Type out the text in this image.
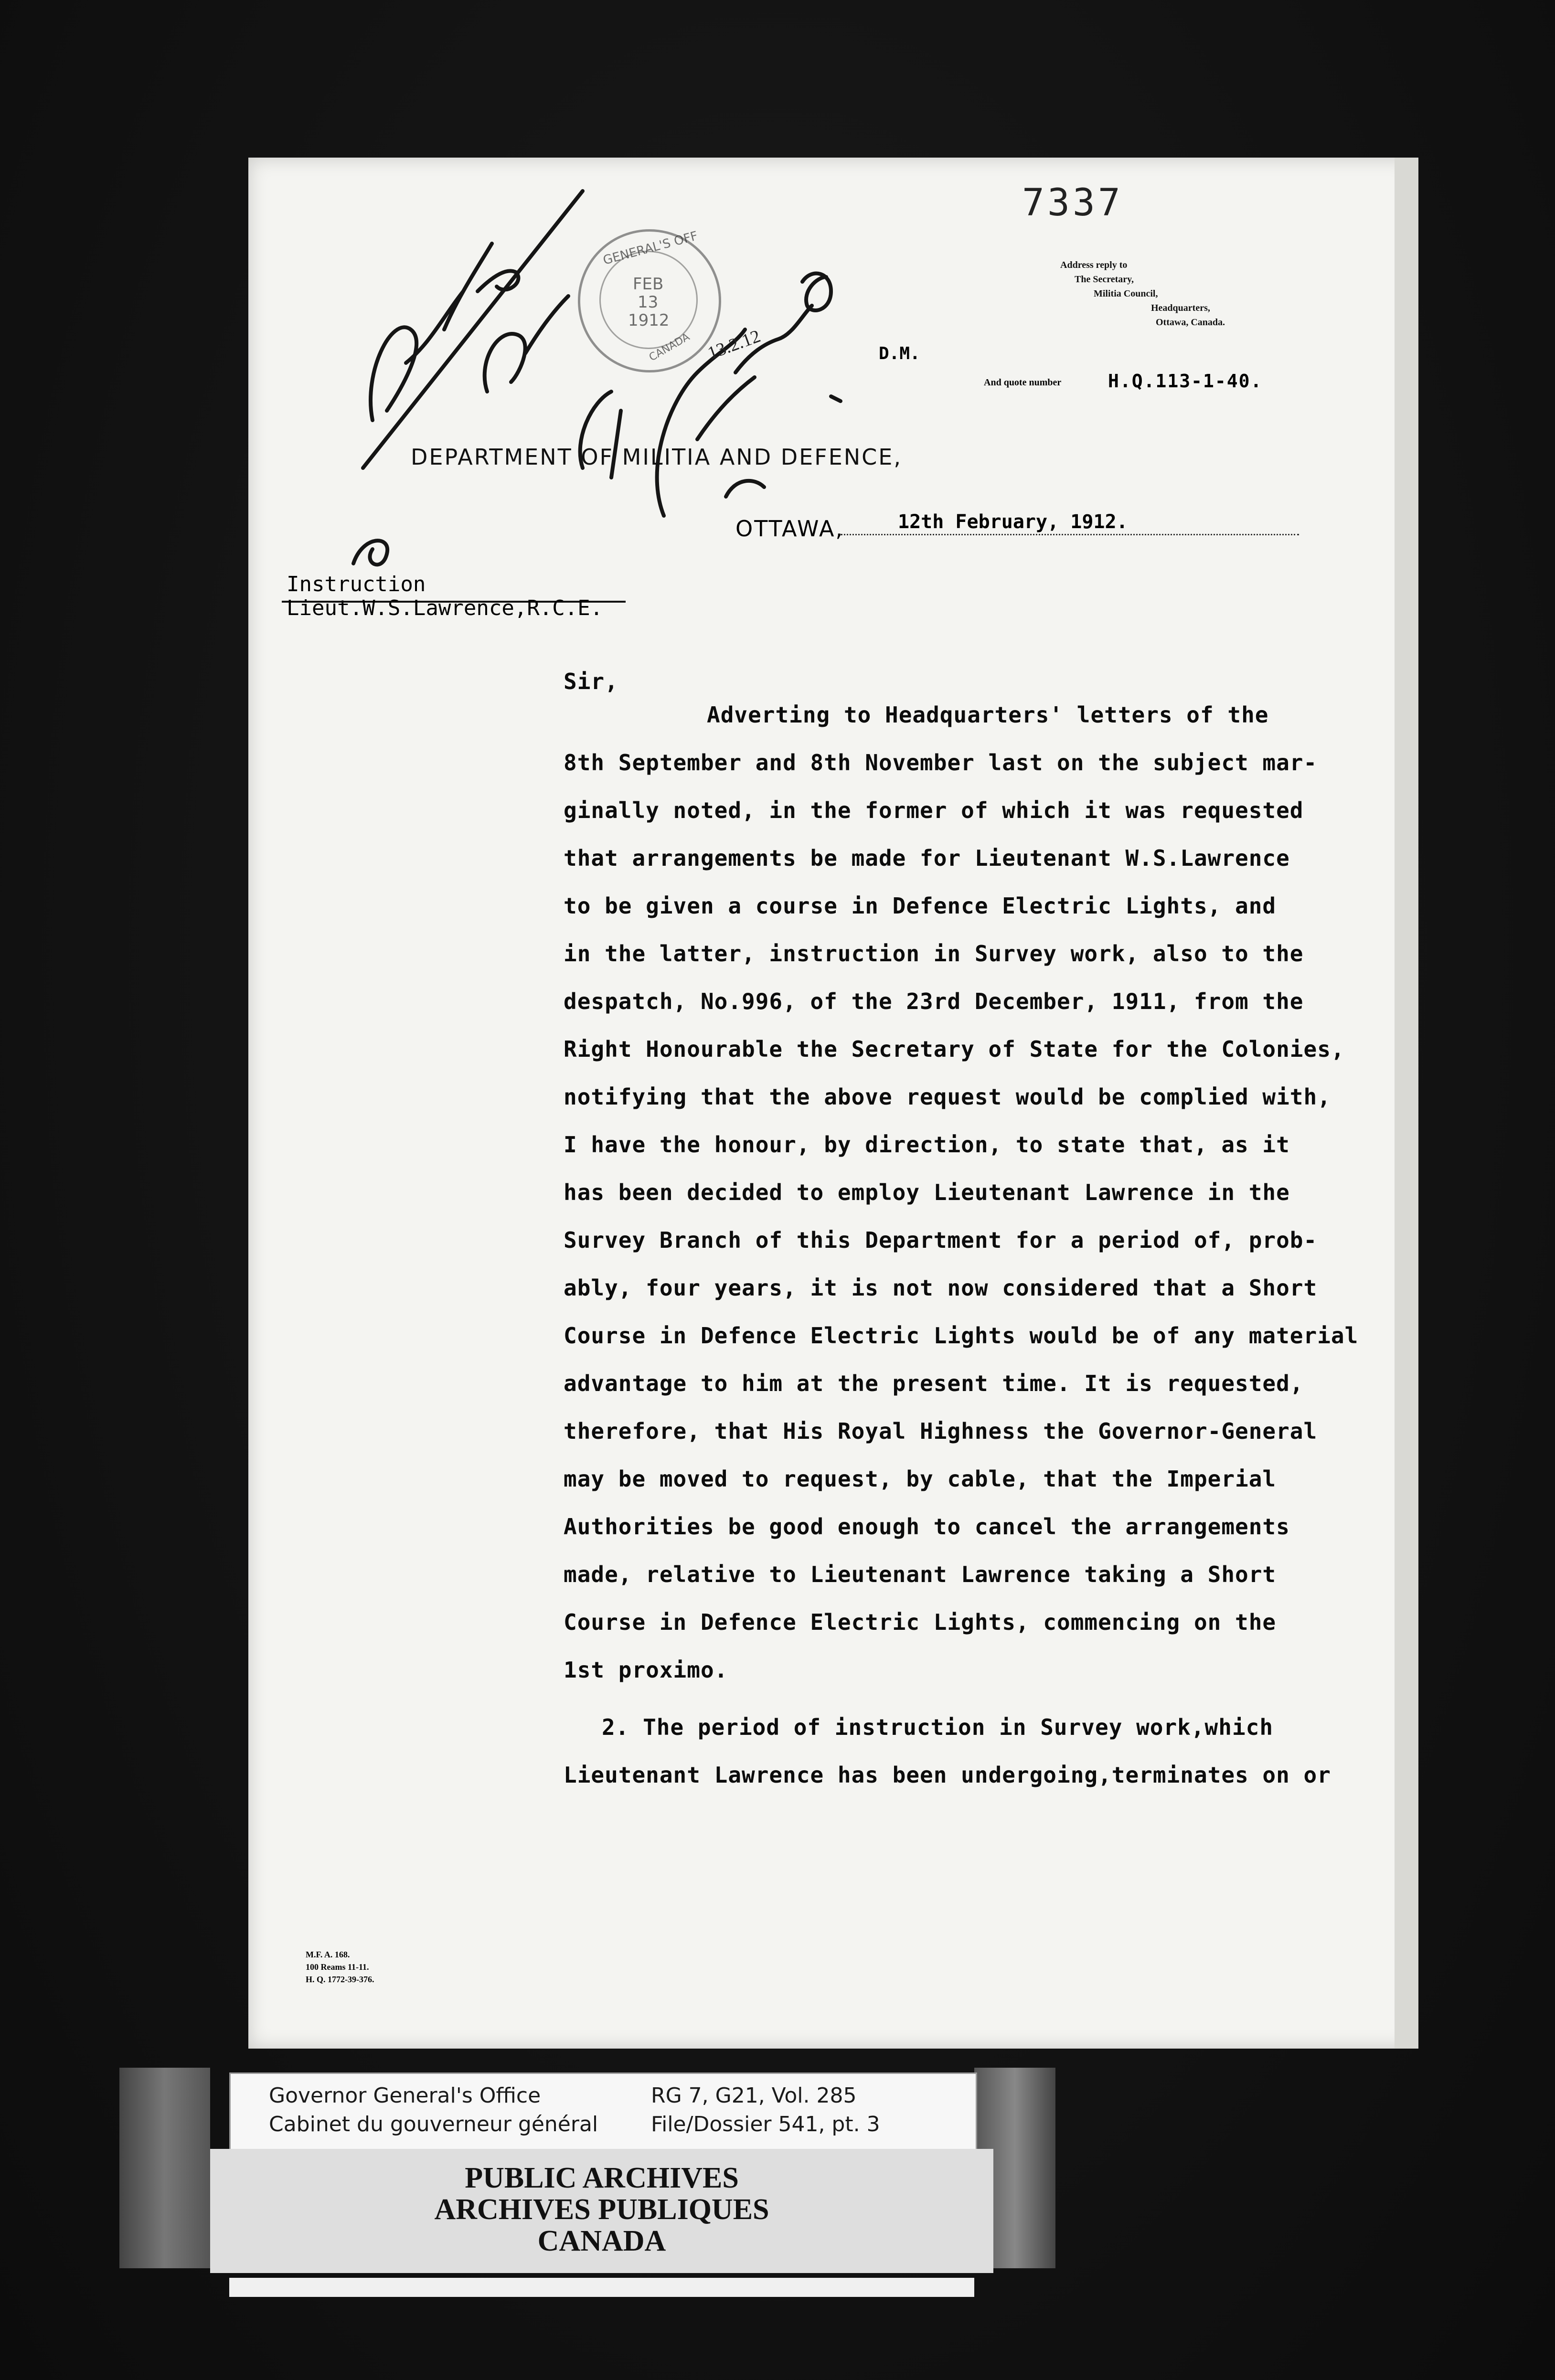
7337
Address reply to
The Secretary,
Militia Council,
Headquarters,
Ottawa, Canada.
D.M.
And quote number	H.Q.113-1-40.
GENERAL'S OFF
FEB
13
1912
CANADA 13.2.12
DEPARTMENT OF MILITIA AND DEFENCE,
OTTAWA,	12th February, 1912.
Instruction
Lieut.W.S.Lawrence,R.C.E.
Sir,
Adverting to Headquarters' letters of the
8th September and 8th November last on the subject mar-
ginally noted, in the former of which it was requested
that arrangements be made for Lieutenant W.S.Lawrence
to be given a course in Defence Electric Lights, and
in the latter, instruction in Survey work, also to the
despatch, No.996, of the 23rd December, 1911, from the
Right Honourable the Secretary of State for the Colonies,
notifying that the above request would be complied with,
I have the honour, by direction, to state that, as it
has been decided to employ Lieutenant Lawrence in the
Survey Branch of this Department for a period of, prob-
ably, four years, it is not now considered that a Short
Course in Defence Electric Lights would be of any material
advantage to him at the present time. It is requested,
therefore, that His Royal Highness the Governor-General
may be moved to request, by cable, that the Imperial
Authorities be good enough to cancel the arrangements
made, relative to Lieutenant Lawrence taking a Short
Course in Defence Electric Lights, commencing on the
1st proximo.
2. The period of instruction in Survey work,which
Lieutenant Lawrence has been undergoing,terminates on or
M.F. A. 168.
100 Reams 11-11.
H. Q. 1772-39-376.
Governor General's Office
Cabinet du gouverneur général
RG 7, G21, Vol. 285
File/Dossier 541, pt. 3
PUBLIC ARCHIVES
ARCHIVES PUBLIQUES
CANADA
